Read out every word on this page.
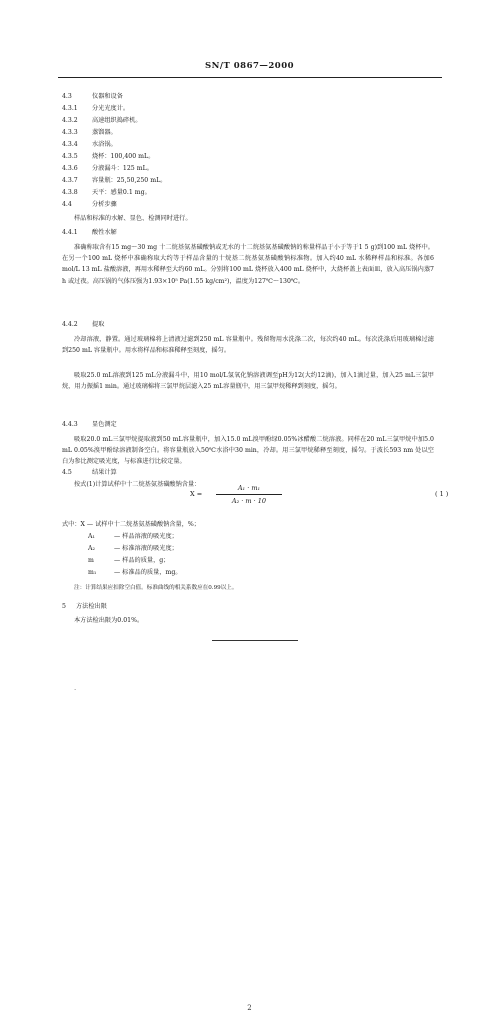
SN/T 0867—2000
4.3	仪器和设备
4.3.1 分光光度计。
4.3.2 高速组织捣碎机。
4.3.3 蒸馏器。
4.3.4 水浴锅。
4.3.5 烧杯：100,400 mL。
4.3.6 分液漏斗：125 mL。
4.3.7 容量瓶：25,50,250 mL。
4.3.8 天平：感量0.1 mg。
4.4	分析步骤
样品和标准的水解、显色、检测同时进行。
4.4.1 酸性水解
准确称取含有15 mg～30 mg 十二烷基氨基磺酸钠或无水的十二烷基氨基磺酸钠的称量样品于小于等于1 5 g)到100 mL 烧杯中。在另一个100 mL 烧杯中准确称取大约等于样品含量的十烷基二烷基氨基磺酸钠标准物。加入约40 mL 水稀释样品和标准。各加6 mol/L 13 mL 盐酸溶液，再用水稀释至大约60 mL。分别将100 mL 烧杯放入400 mL 烧杯中，大烧杯盖上表面皿，放入高压锅内蒸7 h 或过夜。高压锅的气体压强为1.93×10⁵ Pa(1.55 kg/cm²)，温度为127℃～130℃。
4.4.2 提取
冷却溶液，静置。通过玻璃棉将上清液过滤到250 mL 容量瓶中。残留物用水洗涤二次，每次约40 mL。每次洗涤后用玻璃棉过滤到250 mL 容量瓶中。用水将样品和标准稀释至刻度，摇匀。
吸取25.0 mL溶液到125 mL分液漏斗中，用10 mol/L氢氧化钠溶液调至pH为12(大约12滴)，加入1滴过量，加入25 mL三氯甲烷，用力振摇1 min。通过玻璃棉将三氯甲烷层滤入25 mL容量瓶中，用三氯甲烷稀释到刻度，摇匀。
4.4.3 显色测定
吸取20.0 mL三氯甲烷提取液到50 mL容量瓶中，加入15.0 mL溴甲酚绿0.05%冰醋酸二烷溶液。同样在20 mL三氯甲烷中加5.0 mL 0.05%溴甲酚绿溶液制备空白。将容量瓶放入50℃水浴中30 min，冷却。用三氯甲烷稀释至刻度，摇匀。于波长593 nm 处以空白为参比测定吸光度，与标准进行比较定量。
4.5	结果计算
按式(1)计算试样中十二烷基氨基磺酸钠含量：
X =
A₁ · m₁
A₂ · m · 10
( 1 )
式中：X — 试样中十二烷基氨基磺酸钠含量，%；
A₁	— 样品溶液的吸光度；
A₂	— 标准溶液的吸光度；
m	— 样品的质量，g；
m₁	— 标准品的质量，mg。
注：计算结果应扣除空白值。标准曲线的相关系数应在0.99以上。
5 方法检出限
本方法检出限为0.01%。
·
2
